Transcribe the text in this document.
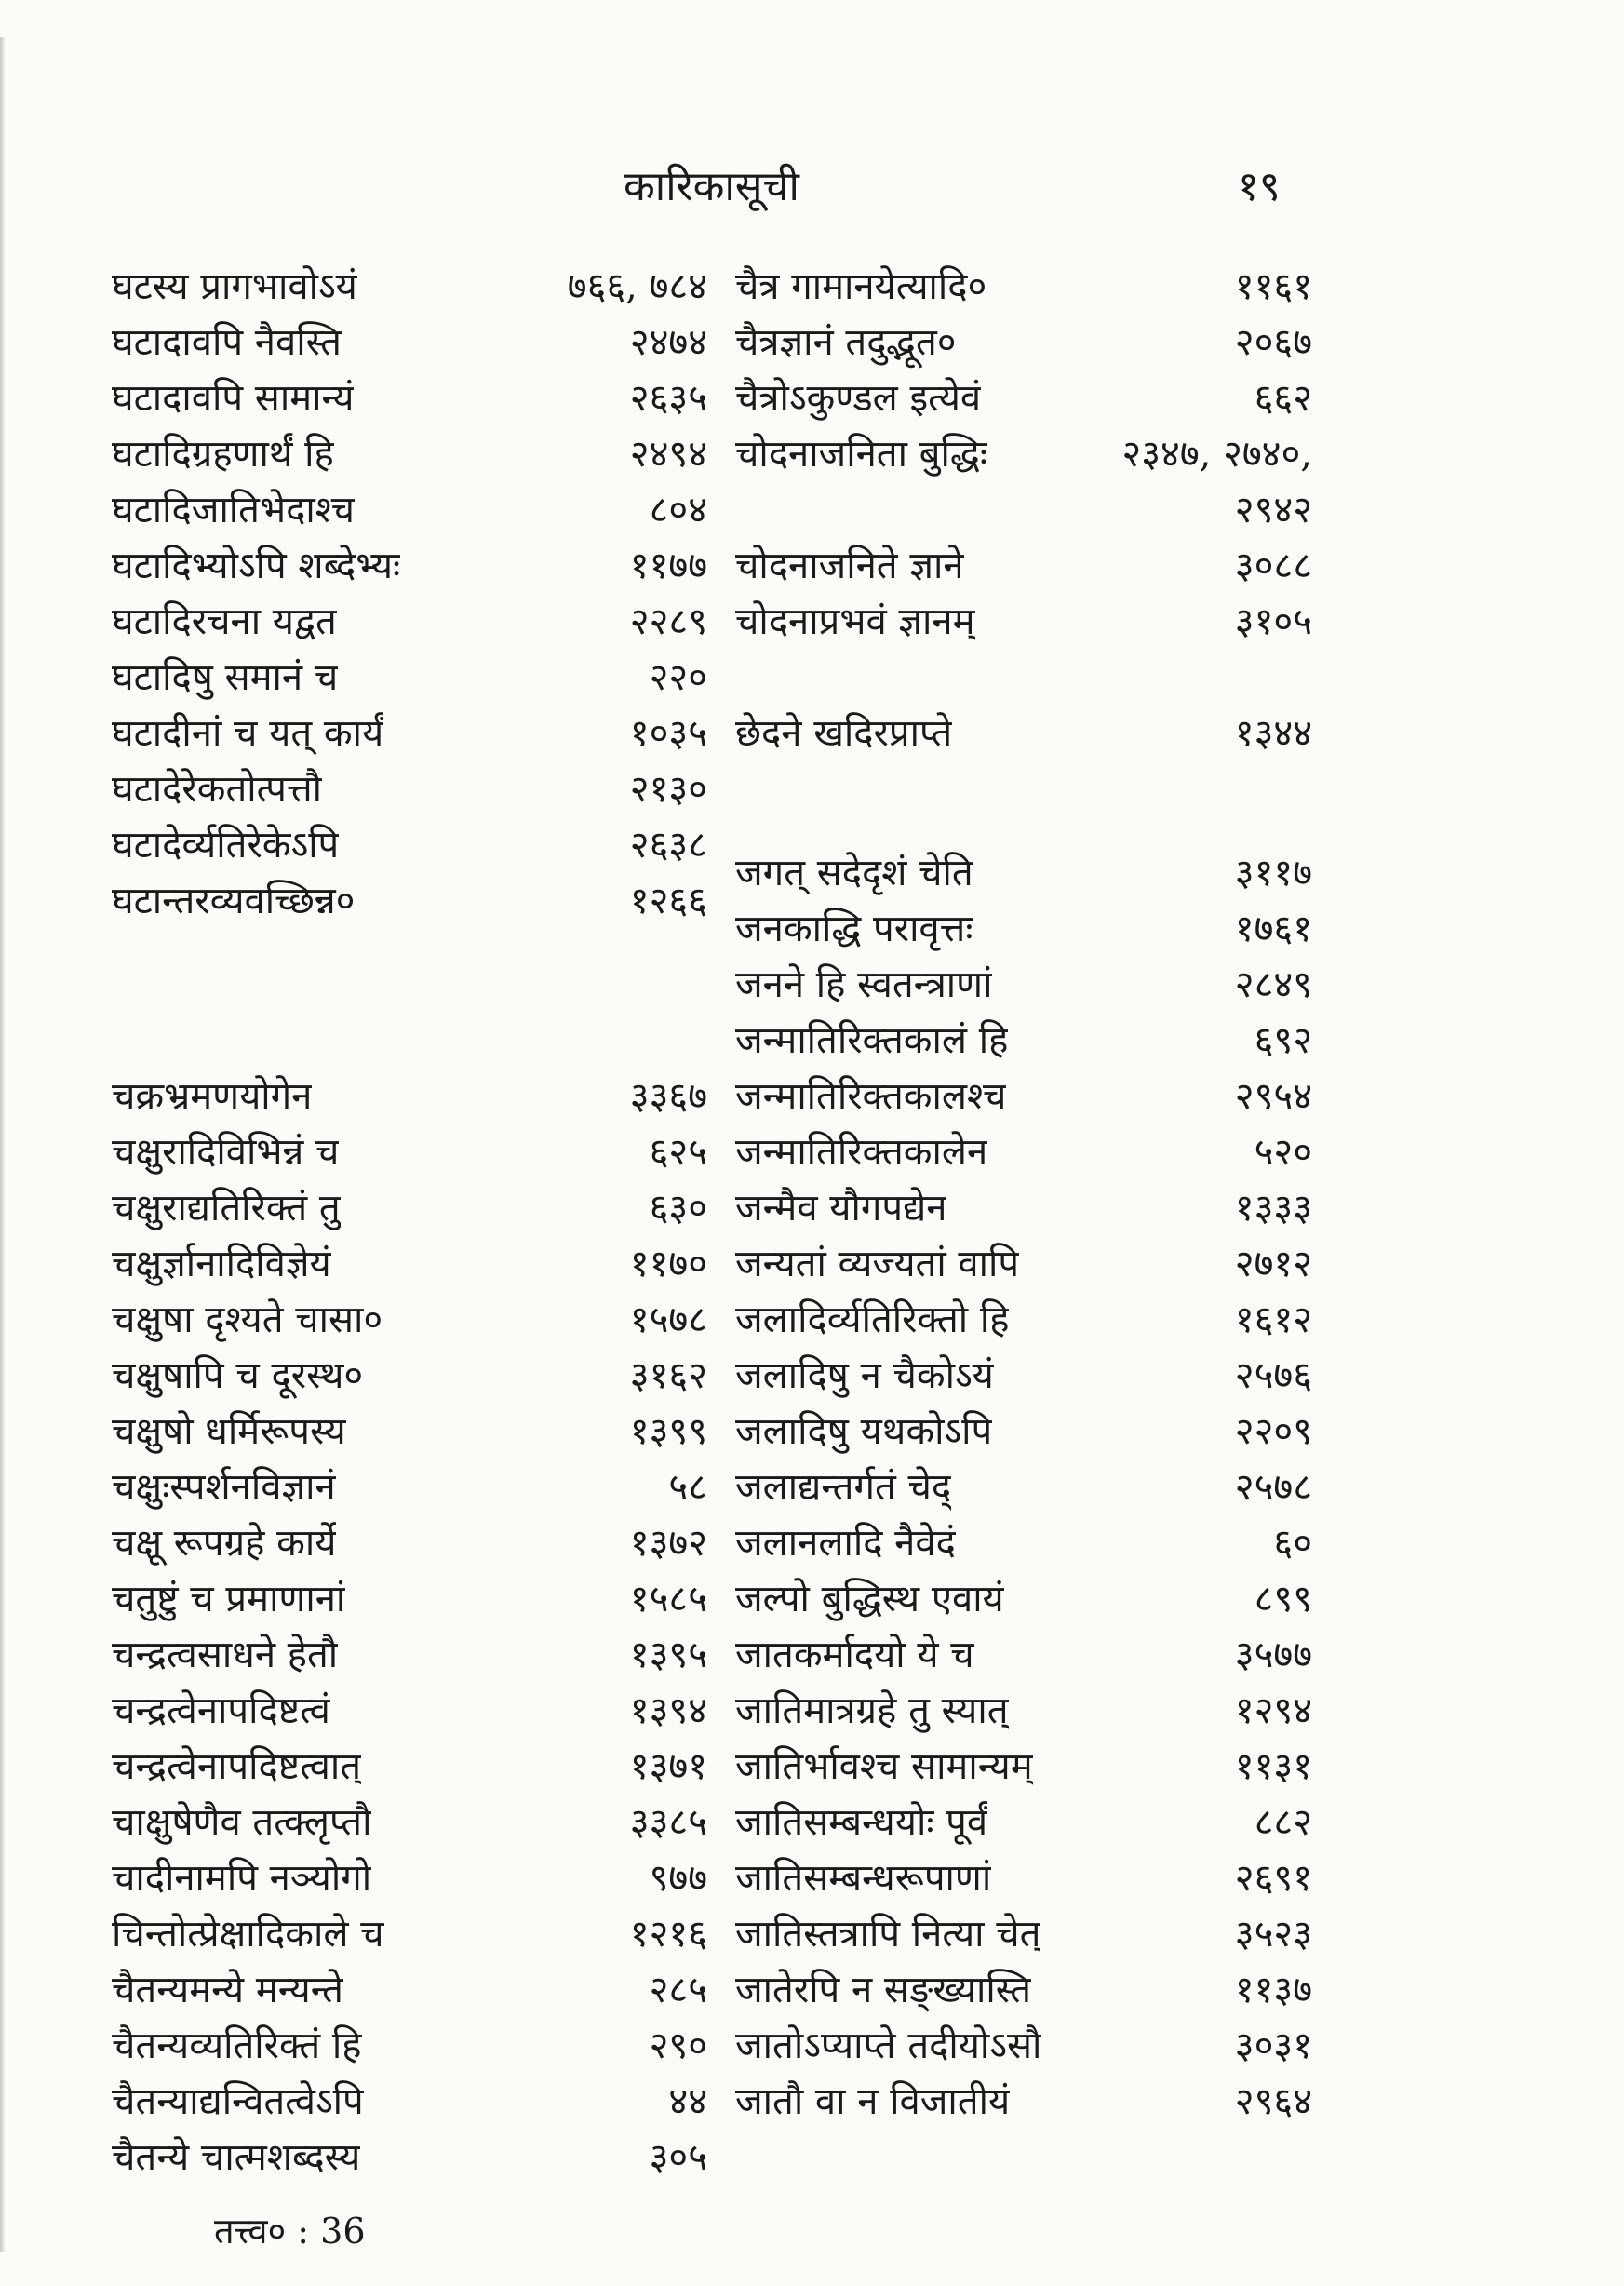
कारिकासूची	१९
घटस्य प्रागभावोऽयं	७६६, ७८४
घटादावपि नैवस्ति	२४७४
घटादावपि सामान्यं	२६३५
घटादिग्रहणार्थं हि	२४९४
घटादिजातिभेदाश्च	८०४
घटादिभ्योऽपि शब्देभ्यः	११७७
घटादिरचना यद्वत	२२८९
घटादिषु समानं च	२२०
घटादीनां च यत् कार्यं	१०३५
घटादेरेकतोत्पत्तौ	२१३०
घटादेर्व्यतिरेकेऽपि	२६३८
घटान्तरव्यवच्छिन्न०	१२६६
चक्रभ्रमणयोगेन	३३६७
चक्षुरादिविभिन्नं च	६२५
चक्षुराद्यतिरिक्तं तु	६३०
चक्षुर्ज्ञानादिविज्ञेयं	११७०
चक्षुषा दृश्यते चासा०	१५७८
चक्षुषापि च दूरस्थ०	३१६२
चक्षुषो धर्मिरूपस्य	१३९९
चक्षुःस्पर्शनविज्ञानं	५८
चक्षू रूपग्रहे कार्ये	१३७२
चतुष्टुं च प्रमाणानां	१५८५
चन्द्रत्वसाधने हेतौ	१३९५
चन्द्रत्वेनापदिष्टत्वं	१३९४
चन्द्रत्वेनापदिष्टत्वात्	१३७१
चाक्षुषेणैव तत्क्लृप्तौ	३३८५
चादीनामपि नञ्योगो	९७७
चिन्तोत्प्रेक्षादिकाले च	१२१६
चैतन्यमन्ये मन्यन्ते	२८५
चैतन्यव्यतिरिक्तं हि	२९०
चैतन्याद्यन्वितत्वेऽपि	४४
चैतन्ये चात्मशब्दस्य	३०५
चैत्र गामानयेत्यादि०	११६१
चैत्रज्ञानं तदुद्भूत०	२०६७
चैत्रोऽकुण्डल इत्येवं	६६२
चोदनाजनिता बुद्धिः	२३४७, २७४०,
२९४२
चोदनाजनिते ज्ञाने	३०८८
चोदनाप्रभवं ज्ञानम्	३१०५
छेदने खदिरप्राप्ते	१३४४
जगत् सदेदृशं चेति	३११७
जनकाद्धि परावृत्तः	१७६१
जनने हि स्वतन्त्राणां	२८४९
जन्मातिरिक्तकालं हि	६९२
जन्मातिरिक्तकालश्च	२९५४
जन्मातिरिक्तकालेन	५२०
जन्मैव यौगपद्येन	१३३३
जन्यतां व्यज्यतां वापि	२७१२
जलादिर्व्यतिरिक्तो हि	१६१२
जलादिषु न चैकोऽयं	२५७६
जलादिषु यथकोऽपि	२२०९
जलाद्यन्तर्गतं चेद्	२५७८
जलानलादि नैवेदं	६०
जल्पो बुद्धिस्थ एवायं	८९९
जातकर्मादयो ये च	३५७७
जातिमात्रग्रहे तु स्यात्	१२९४
जातिर्भावश्च सामान्यम्	११३१
जातिसम्बन्धयोः पूर्वं	८८२
जातिसम्बन्धरूपाणां	२६९१
जातिस्तत्रापि नित्या चेत्	३५२३
जातेरपि न सङ्ख्यास्ति	११३७
जातोऽप्याप्ते तदीयोऽसौ	३०३१
जातौ वा न विजातीयं	२९६४
तत्त्व० : 36
